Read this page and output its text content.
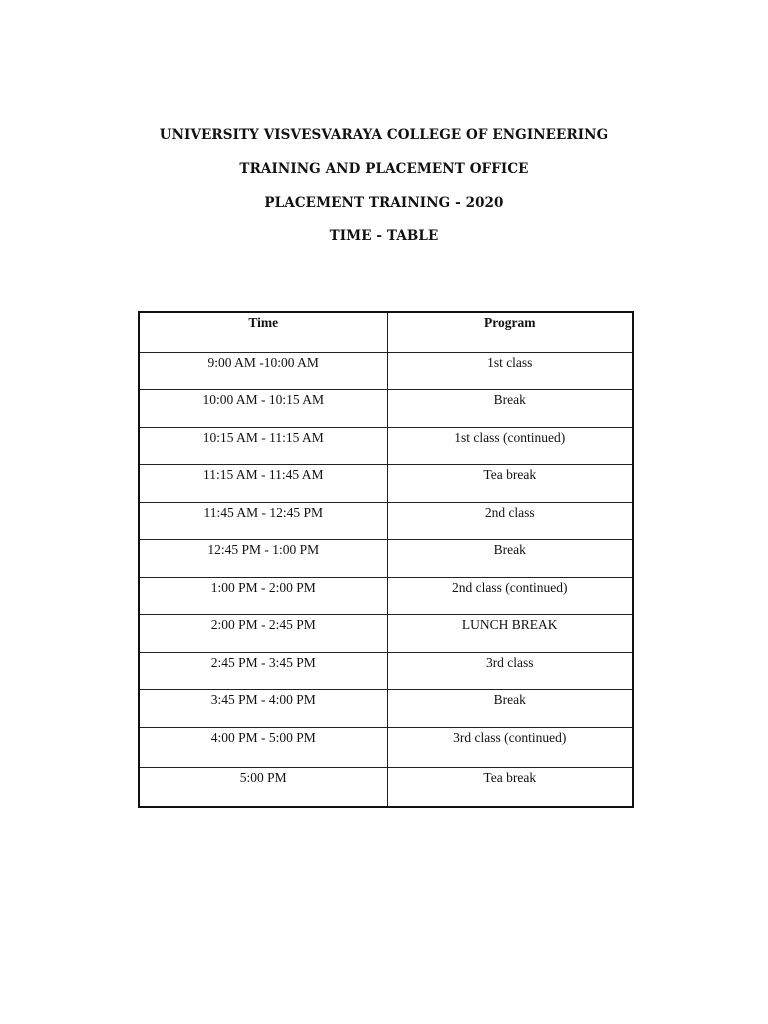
UNIVERSITY VISVESVARAYA COLLEGE OF ENGINEERING

TRAINING AND PLACEMENT OFFICE

PLACEMENT TRAINING - 2020

TIME - TABLE

Time	Program
9:00 AM -10:00 AM	1st class
10:00 AM - 10:15 AM	Break
10:15 AM - 11:15 AM	1st class (continued)
11:15 AM - 11:45 AM	Tea break
11:45 AM - 12:45 PM	2nd class
12:45 PM - 1:00 PM	Break
1:00 PM - 2:00 PM	2nd class (continued)
2:00 PM - 2:45 PM	LUNCH BREAK
2:45 PM - 3:45 PM	3rd class
3:45 PM - 4:00 PM	Break
4:00 PM - 5:00 PM	3rd class (continued)
5:00 PM	Tea break
